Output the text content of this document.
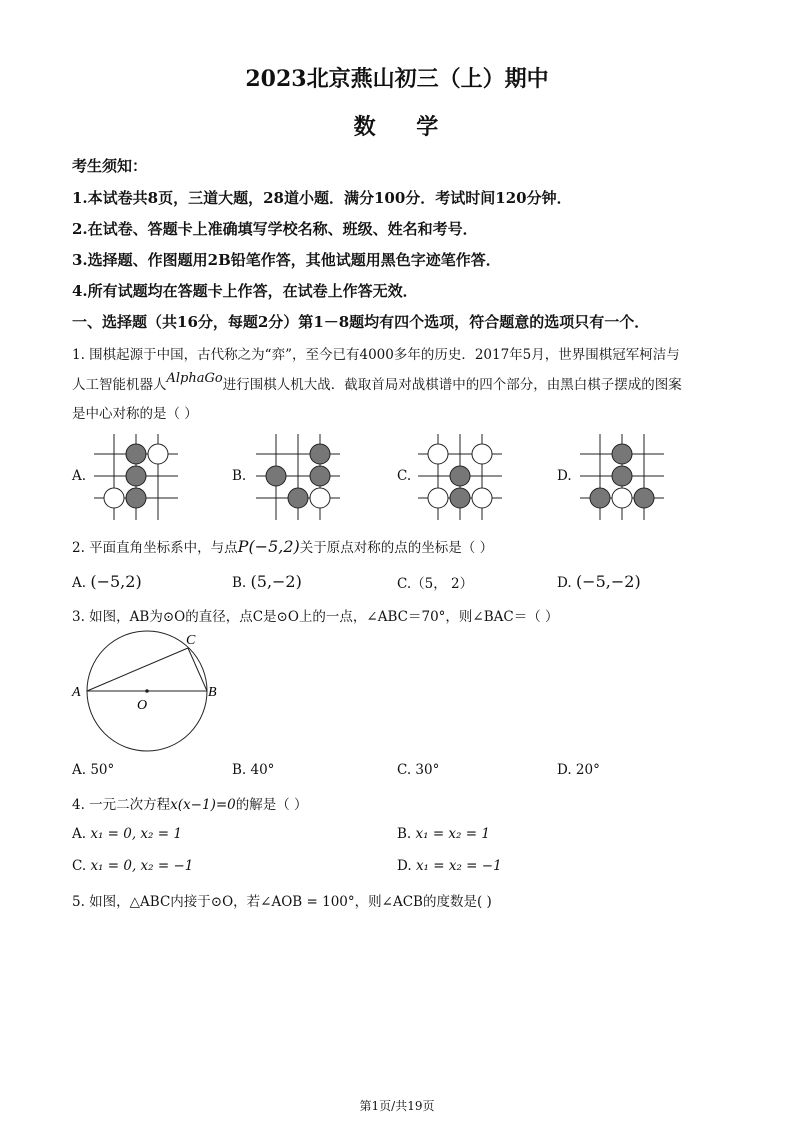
2023北京燕山初三（上）期中
数    学
考生须知：
1.本试卷共8页，三道大题，28道小题．满分100分．考试时间120分钟．
2.在试卷、答题卡上准确填写学校名称、班级、姓名和考号．
3.选择题、作图题用2B铅笔作答，其他试题用黑色字迹笔作答．
4.所有试题均在答题卡上作答，在试卷上作答无效．
一、选择题（共16分，每题2分）第1－8题均有四个选项，符合题意的选项只有一个．
1. 围棋起源于中国，古代称之为“弈”，至今已有4000多年的历史．2017年5月，世界围棋冠军柯洁与
人工智能机器人AlphaGo进行围棋人机大战．截取首局对战棋谱中的四个部分，由黑白棋子摆成的图案
是中心对称的是（ ）
A.	B.	C.	D.
2. 平面直角坐标系中，与点P(−5,2)关于原点对称的点的坐标是（ ）
A. (−5,2)	B. (5,−2)	C.（5， 2）	D. (−5,−2)
3. 如图，AB为⊙O的直径，点C是⊙O上的一点，∠ABC＝70°，则∠BAC＝（ ）
A	B
C
O
A. 50°	B. 40°	C. 30°	D. 20°
4. 一元二次方程x(x−1)=0的解是（ ）
A. x₁ = 0, x₂ = 1	B. x₁ = x₂ = 1
C. x₁ = 0, x₂ = −1	D. x₁ = x₂ = −1
5. 如图，△ABC内接于⊙O，若∠AOB = 100°，则∠ACB的度数是( )
第1页/共19页
